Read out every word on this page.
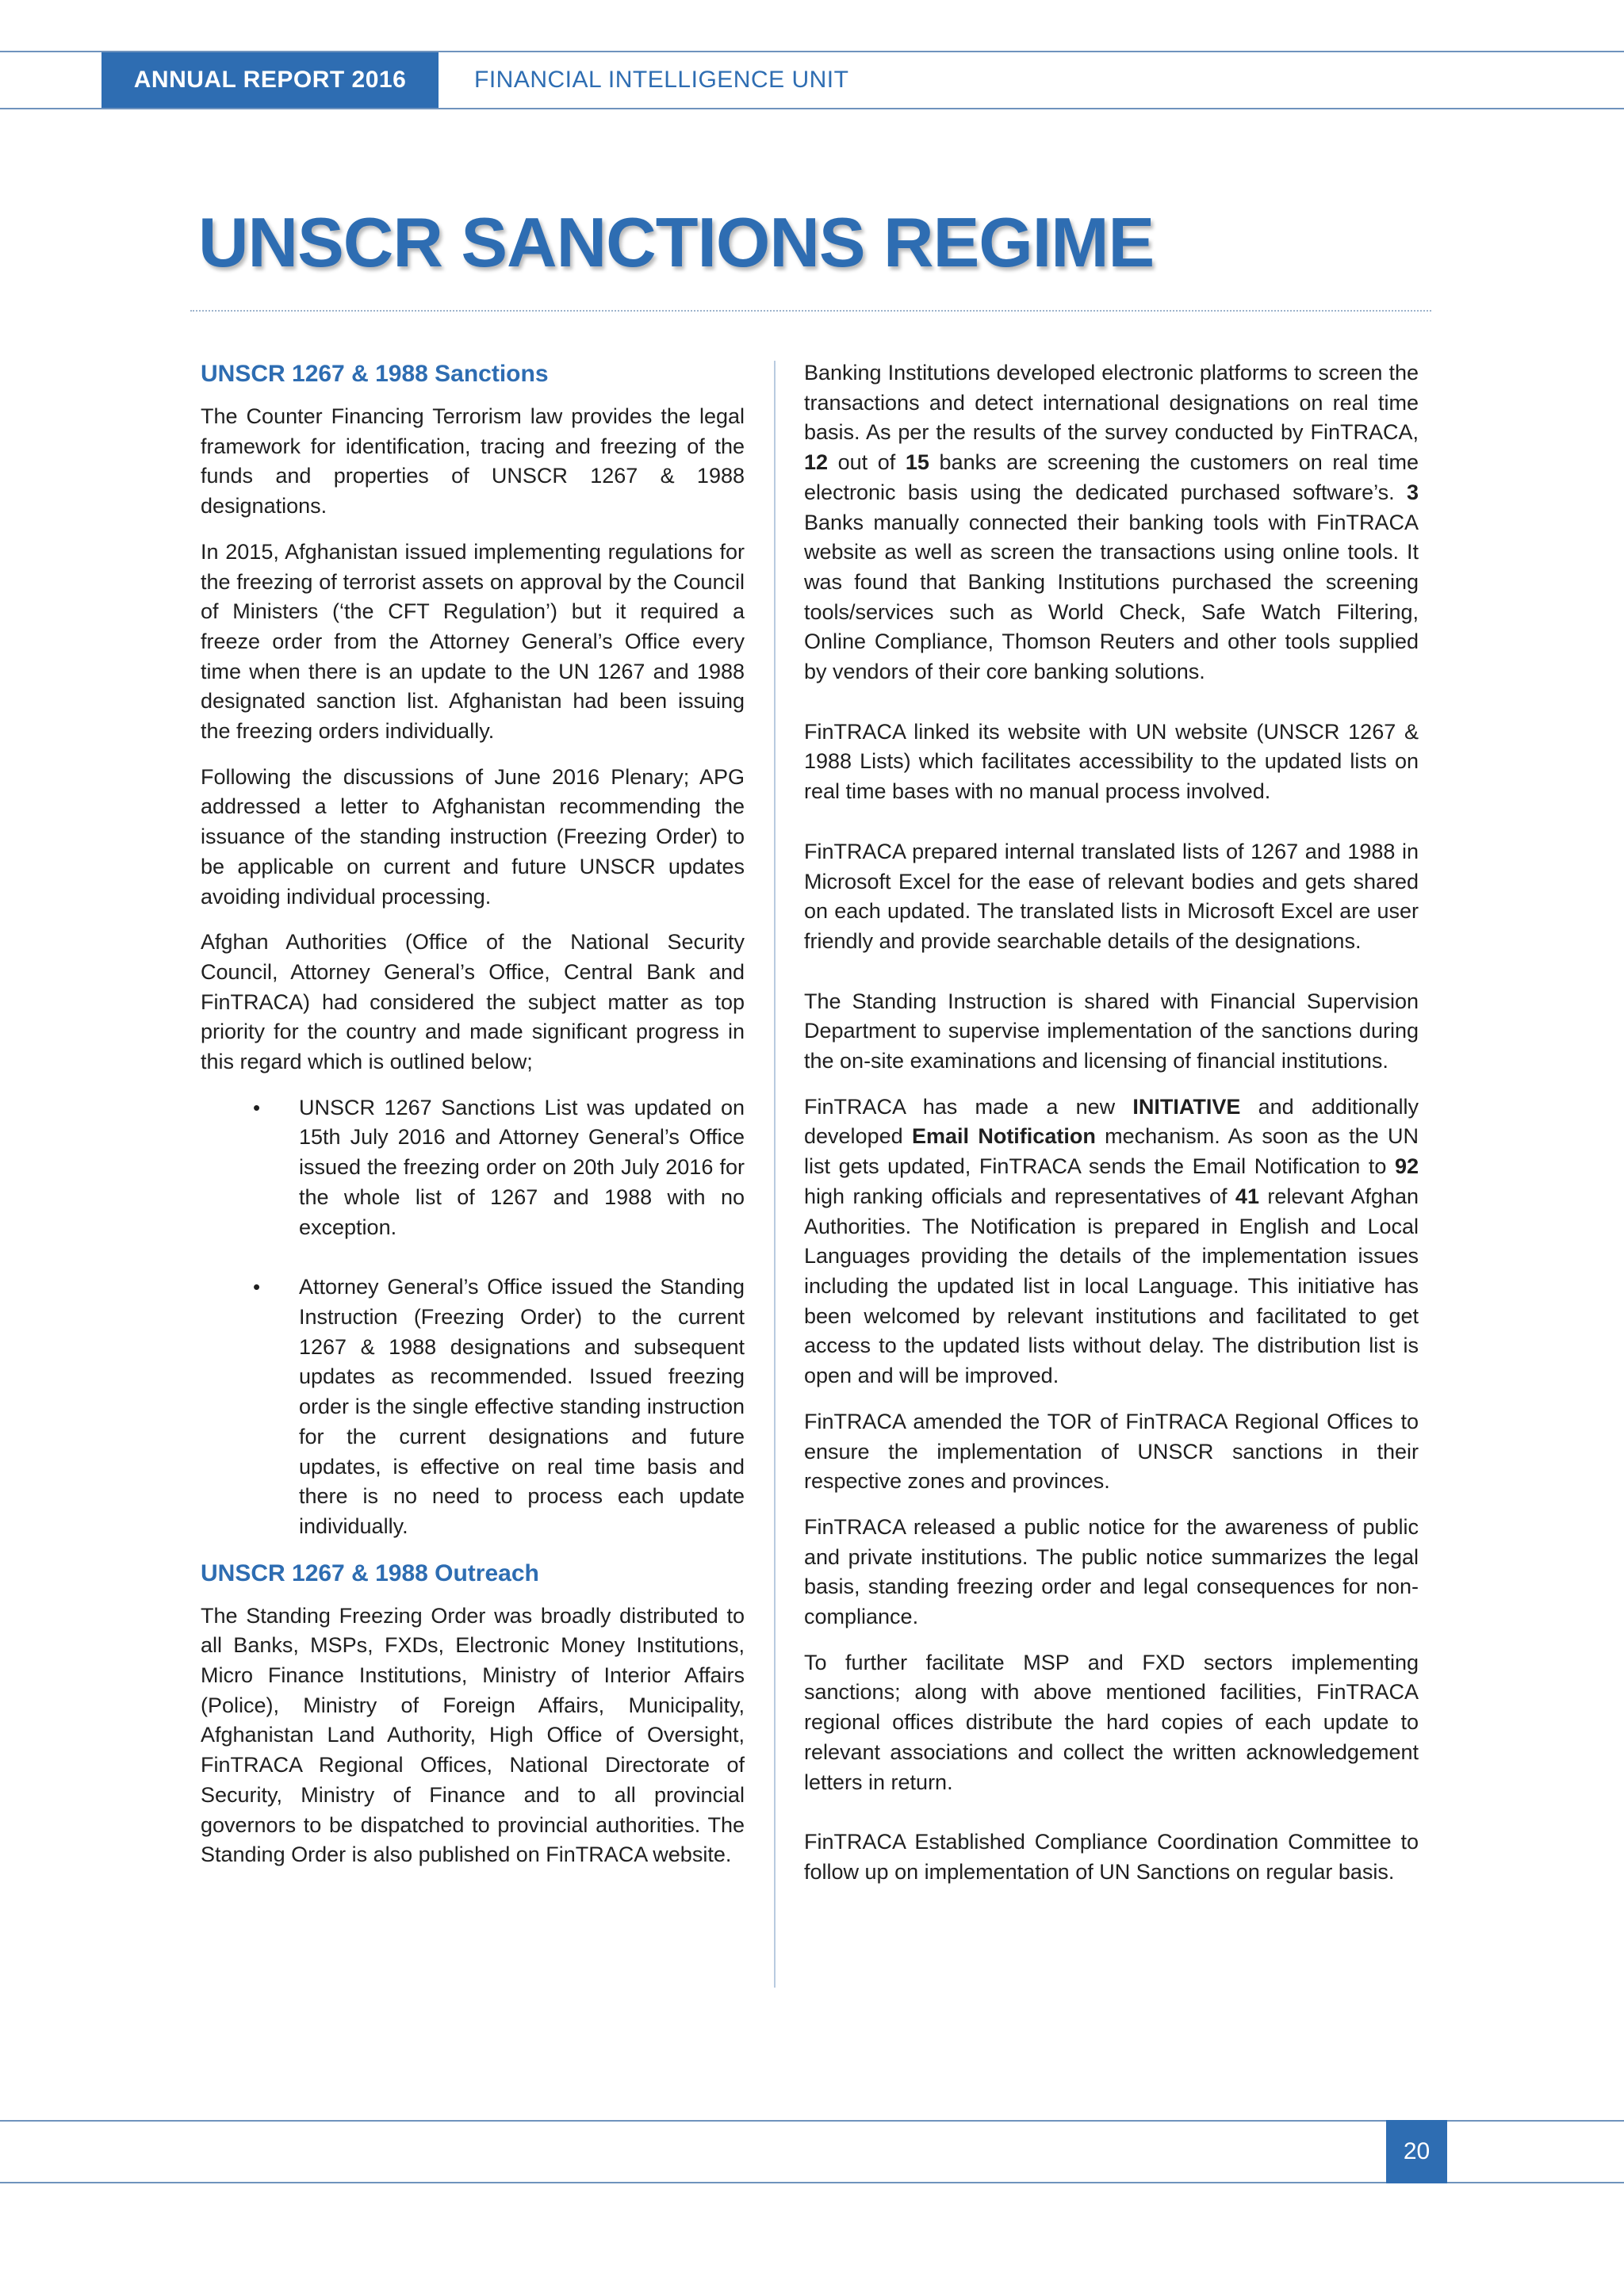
ANNUAL REPORT 2016	FINANCIAL INTELLIGENCE UNIT
UNSCR SANCTIONS REGIME
UNSCR 1267 & 1988 Sanctions

The Counter Financing Terrorism law provides the legal framework for identification, tracing and freezing of the funds and properties of UNSCR 1267 & 1988 designations.

In 2015, Afghanistan issued implementing regulations for the freezing of terrorist assets on approval by the Council of Ministers (‘the CFT Regulation’) but it required a freeze order from the Attorney General’s Office every time when there is an update to the UN 1267 and 1988 designated sanction list. Afghanistan had been issuing the freezing orders individually.

Following the discussions of June 2016 Plenary; APG addressed a letter to Afghanistan recommending the issuance of the standing instruction (Freezing Order) to be applicable on current and future UNSCR updates avoiding individual processing.

Afghan Authorities (Office of the National Security Council, Attorney General’s Office, Central Bank and FinTRACA) had considered the subject matter as top priority for the country and made significant progress in this regard which is outlined below;

• UNSCR 1267 Sanctions List was updated on 15th July 2016 and Attorney General’s Office issued the freezing order on 20th July 2016 for the whole list of 1267 and 1988 with no exception.
• Attorney General’s Office issued the Standing Instruction (Freezing Order) to the current 1267 & 1988 designations and subsequent updates as recommended. Issued freezing order is the single effective standing instruction for the current designations and future updates, is effective on real time basis and there is no need to process each update individually.
UNSCR 1267 & 1988 Outreach

The Standing Freezing Order was broadly distributed to all Banks, MSPs, FXDs, Electronic Money Institutions, Micro Finance Institutions, Ministry of Interior Affairs (Police), Ministry of Foreign Affairs, Municipality, Afghanistan Land Authority, High Office of Oversight, FinTRACA Regional Offices, National Directorate of Security, Ministry of Finance and to all provincial governors to be dispatched to provincial authorities. The Standing Order is also published on FinTRACA website.

Banking Institutions developed electronic platforms to screen the transactions and detect international designations on real time basis. As per the results of the survey conducted by FinTRACA, 12 out of 15 banks are screening the customers on real time electronic basis using the dedicated purchased software’s. 3 Banks manually connected their banking tools with FinTRACA website as well as screen the transactions using online tools. It was found that Banking Institutions purchased the screening tools/services such as World Check, Safe Watch Filtering, Online Compliance, Thomson Reuters and other tools supplied by vendors of their core banking solutions.

FinTRACA linked its website with UN website (UNSCR 1267 & 1988 Lists) which facilitates accessibility to the updated lists on real time bases with no manual process involved.

FinTRACA prepared internal translated lists of 1267 and 1988 in Microsoft Excel for the ease of relevant bodies and gets shared on each updated. The translated lists in Microsoft Excel are user friendly and provide searchable details of the designations.

The Standing Instruction is shared with Financial Supervision Department to supervise implementation of the sanctions during the on-site examinations and licensing of financial institutions.

FinTRACA has made a new INITIATIVE and additionally developed Email Notification mechanism. As soon as the UN list gets updated, FinTRACA sends the Email Notification to 92 high ranking officials and representatives of 41 relevant Afghan Authorities. The Notification is prepared in English and Local Languages providing the details of the implementation issues including the updated list in local Language. This initiative has been welcomed by relevant institutions and facilitated to get access to the updated lists without delay. The distribution list is open and will be improved.

FinTRACA amended the TOR of FinTRACA Regional Offices to ensure the implementation of UNSCR sanctions in their respective zones and provinces.

FinTRACA released a public notice for the awareness of public and private institutions. The public notice summarizes the legal basis, standing freezing order and legal consequences for non-compliance.

To further facilitate MSP and FXD sectors implementing sanctions; along with above mentioned facilities, FinTRACA regional offices distribute the hard copies of each update to relevant associations and collect the written acknowledgement letters in return.

FinTRACA Established Compliance Coordination Committee to follow up on implementation of UN Sanctions on regular basis.

20
